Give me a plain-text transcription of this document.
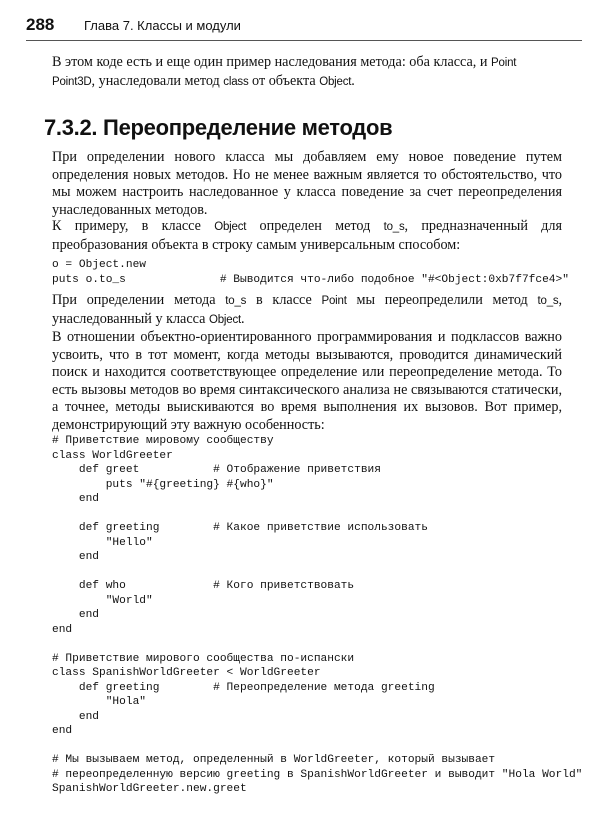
288 Глава 7. Классы и модули

В этом коде есть и еще один пример наследования метода: оба класса, и Point
Point3D, унаследовали метод class от объекта Object.

7.3.2. Переопределение методов

При определении нового класса мы добавляем ему новое поведение путем определения новых методов. Но не менее важным является то обстоятельство, что мы можем настроить наследованное у класса поведение за счет переопределения унаследованных методов.

К примеру, в классе Object определен метод to_s, предназначенный для преобразования объекта в строку самым универсальным способом:

o = Object.new
puts o.to_s              # Выводится что-либо подобное "#<Object:0xb7f7fce4>"

При определении метода to_s в классе Point мы переопределили метод to_s, унаследованный у класса Object.

В отношении объектно-ориентированного программирования и подклассов важно усвоить, что в тот момент, когда методы вызываются, проводится динамический поиск и находится соответствующее определение или переопределение метода. То есть вызовы методов во время синтаксического анализа не связываются статически, а точнее, методы выискиваются во время выполнения их вызовов. Вот пример, демонстрирующий эту важную особенность:

# Приветствие мировому сообществу
class WorldGreeter
def greet           # Отображение приветствия
puts "#{greeting} #{who}"
end

def greeting        # Какое приветствие использовать
"Hello"
end

def who             # Кого приветствовать
"World"
end
end

# Приветствие мирового сообщества по-испански
class SpanishWorldGreeter < WorldGreeter
def greeting        # Переопределение метода greeting
"Hola"
end
end

# Мы вызываем метод, определенный в WorldGreeter, который вызывает
# переопределенную версию greeting в SpanishWorldGreeter и выводит "Hola World"
SpanishWorldGreeter.new.greet
